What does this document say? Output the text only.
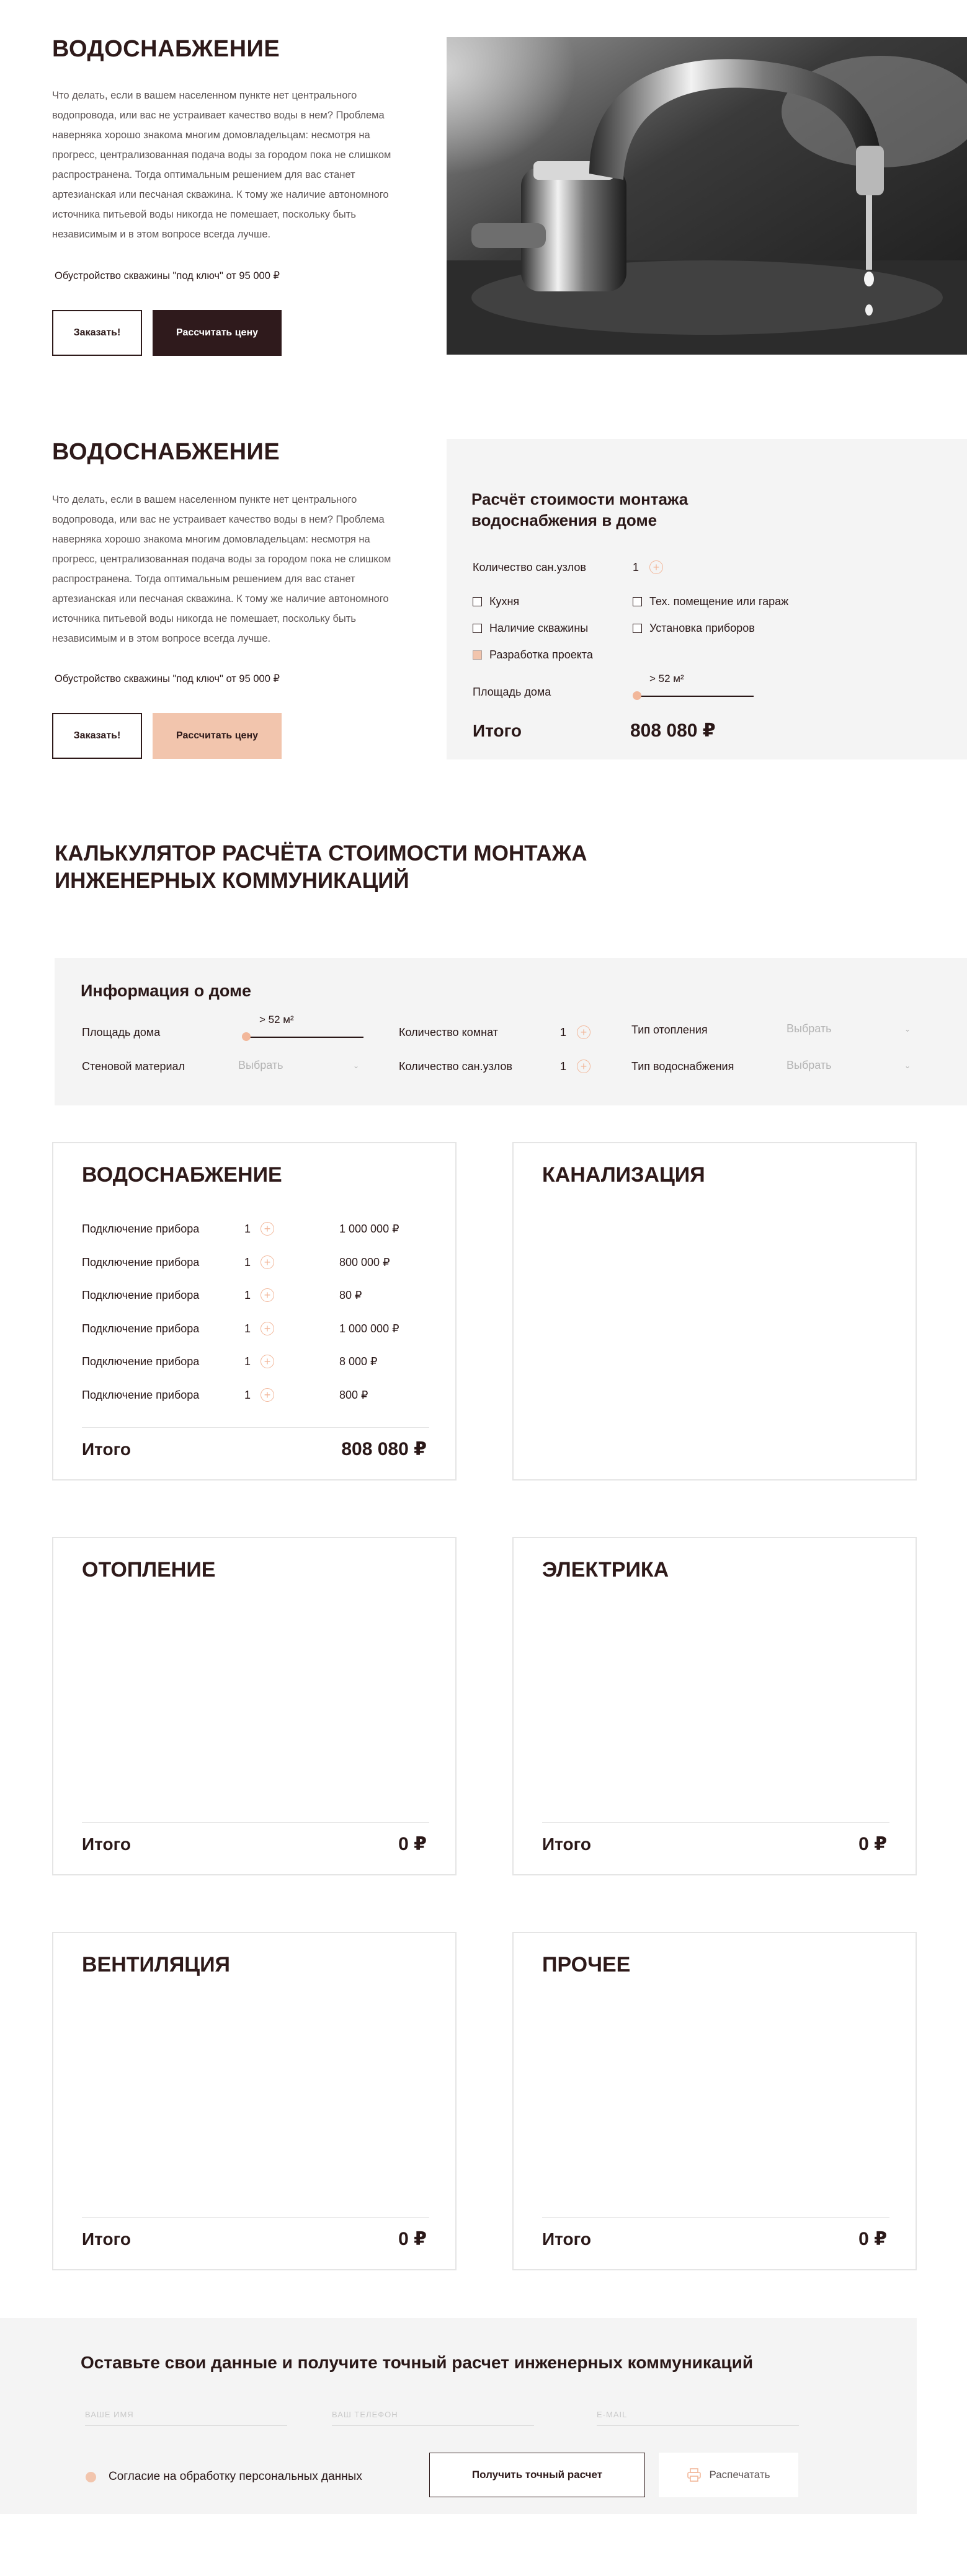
ВОДОСНАБЖЕНИЕ
Что делать, если в вашем населенном пункте нет центрального
водопровода, или вас не устраивает качество воды в нем? Проблема
наверняка хорошо знакома многим домовладельцам: несмотря на
прогресс, централизованная подача воды за городом пока не слишком
распространена. Тогда оптимальным решением для вас станет
артезианская или песчаная скважина. К тому же наличие автономного
источника питьевой воды никогда не помешает, поскольку быть
независимым и в этом вопросе всегда лучше.
Обустройство скважины "под ключ" от 95 000 ₽
Заказать!	Рассчитать цену
ВОДОСНАБЖЕНИЕ
Что делать, если в вашем населенном пункте нет центрального
водопровода, или вас не устраивает качество воды в нем? Проблема
наверняка хорошо знакома многим домовладельцам: несмотря на
прогресс, централизованная подача воды за городом пока не слишком
распространена. Тогда оптимальным решением для вас станет
артезианская или песчаная скважина. К тому же наличие автономного
источника питьевой воды никогда не помешает, поскольку быть
независимым и в этом вопросе всегда лучше.
Обустройство скважины "под ключ" от 95 000 ₽
Заказать!	Рассчитать цену
Расчёт стоимости монтажа
водоснабжения в доме
Количество сан.узлов	1	+
Кухня	Тех. помещение или гараж
Наличие скважины	Установка приборов
Разработка проекта
Площадь дома
> 52 м²
Итого	808 080 ₽
КАЛЬКУЛЯТОР РАСЧЁТА СТОИМОСТИ МОНТАЖА
ИНЖЕНЕРНЫХ КОММУНИКАЦИЙ
Информация о доме
Площадь дома
> 52 м²
Количество комнат	1	+	Тип отопления	Выбрать	⌄
Стеновой материал	Выбрать	⌄	Количество сан.узлов	1	+	Тип водоснабжения	Выбрать	⌄
ВОДОСНАБЖЕНИЕ
Подключение прибора	1	+	1 000 000 ₽
Подключение прибора	1	+	800 000 ₽
Подключение прибора	1	+	80 ₽
Подключение прибора	1	+	1 000 000 ₽
Подключение прибора	1	+	8 000 ₽
Подключение прибора	1	+	800 ₽
Итого	808 080 ₽
КАНАЛИЗАЦИЯ
ОТОПЛЕНИЕ
Итого	0 ₽
ЭЛЕКТРИКА
Итого	0 ₽
ВЕНТИЛЯЦИЯ
Итого	0 ₽
ПРОЧЕЕ
Итого	0 ₽
Оставьте свои данные и получите точный расчет инженерных коммуникаций
ВАШЕ ИМЯ	ВАШ ТЕЛЕФОН	E-MAIL
Согласие на обработку персональных данных	Получить точный расчет	Распечатать
